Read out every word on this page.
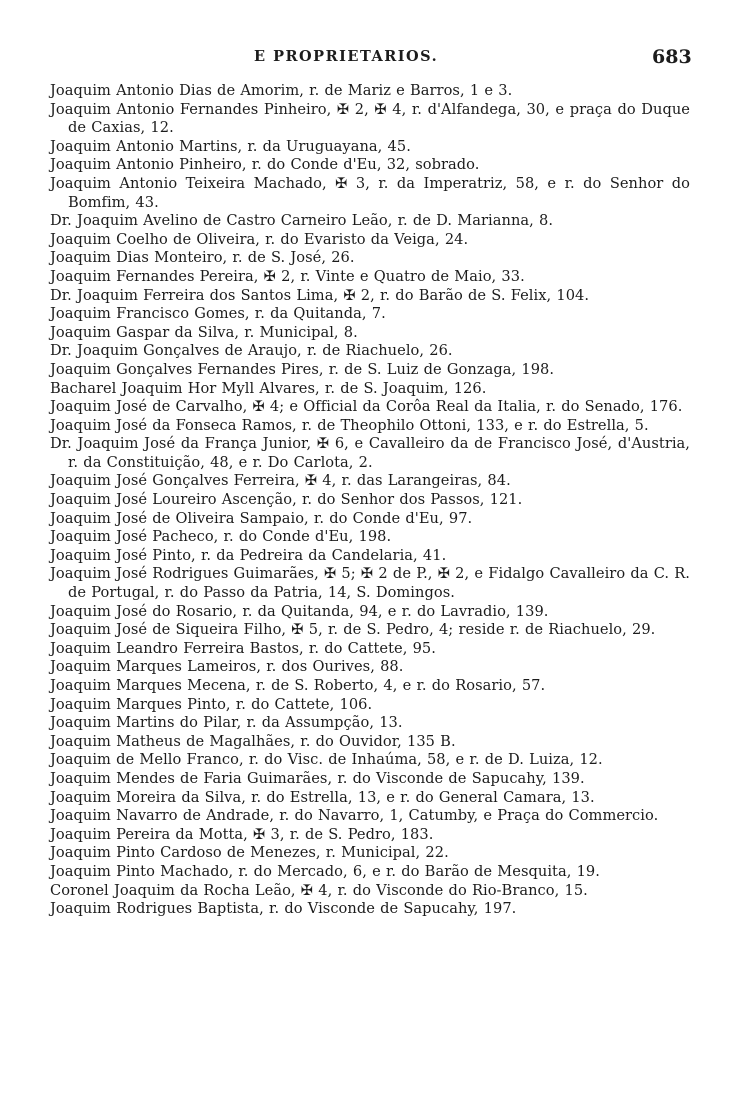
E PROPRIETARIOS.	683
Joaquim Antonio Dias de Amorim, r. de Mariz e Barros, 1 e 3.
Joaquim Antonio Fernandes Pinheiro, ✠ 2, ✠ 4, r. d'Alfandega, 30, e praça do Duque de Caxias, 12.
Joaquim Antonio Martins, r. da Uruguayana, 45.
Joaquim Antonio Pinheiro, r. do Conde d'Eu, 32, sobrado.
Joaquim Antonio Teixeira Machado, ✠ 3, r. da Imperatriz, 58, e r. do Senhor do Bomfim, 43.
Dr. Joaquim Avelino de Castro Carneiro Leão, r. de D. Marianna, 8.
Joaquim Coelho de Oliveira, r. do Evaristo da Veiga, 24.
Joaquim Dias Monteiro, r. de S. José, 26.
Joaquim Fernandes Pereira, ✠ 2, r. Vinte e Quatro de Maio, 33.
Dr. Joaquim Ferreira dos Santos Lima, ✠ 2, r. do Barão de S. Felix, 104.
Joaquim Francisco Gomes, r. da Quitanda, 7.
Joaquim Gaspar da Silva, r. Municipal, 8.
Dr. Joaquim Gonçalves de Araujo, r. de Riachuelo, 26.
Joaquim Gonçalves Fernandes Pires, r. de S. Luiz de Gonzaga, 198.
Bacharel Joaquim Hor Myll Alvares, r. de S. Joaquim, 126.
Joaquim José de Carvalho, ✠ 4; e Official da Corôa Real da Italia, r. do Senado, 176.
Joaquim José da Fonseca Ramos, r. de Theophilo Ottoni, 133, e r. do Estrella, 5.
Dr. Joaquim José da França Junior, ✠ 6, e Cavalleiro da de Francisco José, d'Austria, r. da Constituição, 48, e r. Do Carlota, 2.
Joaquim José Gonçalves Ferreira, ✠ 4, r. das Larangeiras, 84.
Joaquim José Loureiro Ascenção, r. do Senhor dos Passos, 121.
Joaquim José de Oliveira Sampaio, r. do Conde d'Eu, 97.
Joaquim José Pacheco, r. do Conde d'Eu, 198.
Joaquim José Pinto, r. da Pedreira da Candelaria, 41.
Joaquim José Rodrigues Guimarães, ✠ 5; ✠ 2 de P., ✠ 2, e Fidalgo Cavalleiro da C. R. de Portugal, r. do Passo da Patria, 14, S. Domingos.
Joaquim José do Rosario, r. da Quitanda, 94, e r. do Lavradio, 139.
Joaquim José de Siqueira Filho, ✠ 5, r. de S. Pedro, 4; reside r. de Riachuelo, 29.
Joaquim Leandro Ferreira Bastos, r. do Cattete, 95.
Joaquim Marques Lameiros, r. dos Ourives, 88.
Joaquim Marques Mecena, r. de S. Roberto, 4, e r. do Rosario, 57.
Joaquim Marques Pinto, r. do Cattete, 106.
Joaquim Martins do Pilar, r. da Assumpção, 13.
Joaquim Matheus de Magalhães, r. do Ouvidor, 135 B.
Joaquim de Mello Franco, r. do Visc. de Inhaúma, 58, e r. de D. Luiza, 12.
Joaquim Mendes de Faria Guimarães, r. do Visconde de Sapucahy, 139.
Joaquim Moreira da Silva, r. do Estrella, 13, e r. do General Camara, 13.
Joaquim Navarro de Andrade, r. do Navarro, 1, Catumby, e Praça do Commercio.
Joaquim Pereira da Motta, ✠ 3, r. de S. Pedro, 183.
Joaquim Pinto Cardoso de Menezes, r. Municipal, 22.
Joaquim Pinto Machado, r. do Mercado, 6, e r. do Barão de Mesquita, 19.
Coronel Joaquim da Rocha Leão, ✠ 4, r. do Visconde do Rio-Branco, 15.
Joaquim Rodrigues Baptista, r. do Visconde de Sapucahy, 197.
